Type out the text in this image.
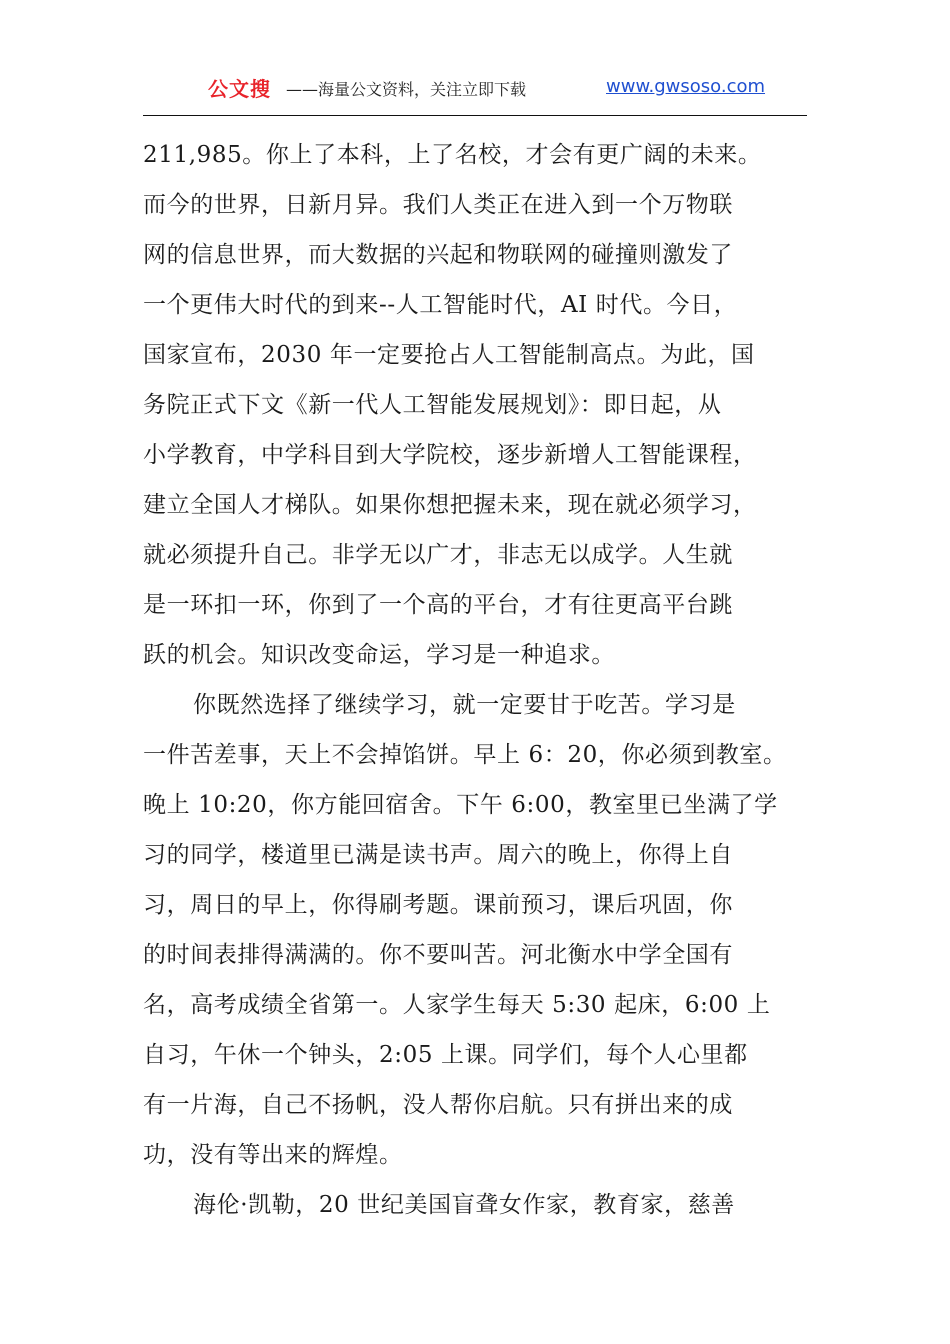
公文搜 ——海量公文资料，关注立即下载	www.gwsoso.com
211,985。你上了本科，上了名校，才会有更广阔的未来。
而今的世界，日新月异。我们人类正在进入到一个万物联
网的信息世界，而大数据的兴起和物联网的碰撞则激发了
一个更伟大时代的到来--人工智能时代，AI 时代。今日，
国家宣布，2030 年一定要抢占人工智能制高点。为此，国
务院正式下文《新一代人工智能发展规划》：即日起，从
小学教育，中学科目到大学院校，逐步新增人工智能课程，
建立全国人才梯队。如果你想把握未来，现在就必须学习，
就必须提升自己。非学无以广才，非志无以成学。人生就
是一环扣一环，你到了一个高的平台，才有往更高平台跳
跃的机会。知识改变命运，学习是一种追求。
你既然选择了继续学习，就一定要甘于吃苦。学习是
一件苦差事，天上不会掉馅饼。早上 6：20，你必须到教室。
晚上 10:20，你方能回宿舍。下午 6:00，教室里已坐满了学
习的同学，楼道里已满是读书声。周六的晚上，你得上自
习，周日的早上，你得刷考题。课前预习，课后巩固，你
的时间表排得满满的。你不要叫苦。河北衡水中学全国有
名，高考成绩全省第一。人家学生每天 5:30 起床，6:00 上
自习，午休一个钟头，2:05 上课。同学们，每个人心里都
有一片海，自己不扬帆，没人帮你启航。只有拼出来的成
功，没有等出来的辉煌。
海伦·凯勒，20 世纪美国盲聋女作家，教育家，慈善
